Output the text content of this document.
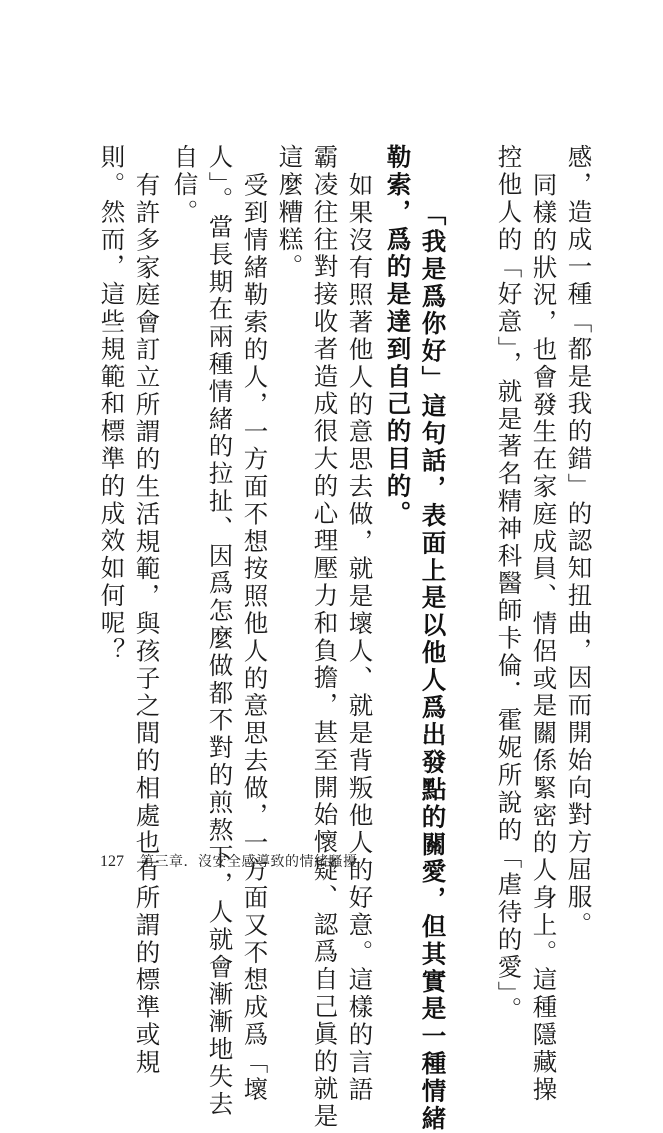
感，造成一種「都是我的錯」的認知扭曲，因而開始向對方屈服。
同樣的狀況，也會發生在家庭成員、情侶或是關係緊密的人身上。這種隱藏操
控他人的「好意」，就是著名精神科醫師卡倫．霍妮所說的「虐待的愛」。
「我是爲你好」這句話，表面上是以他人爲出發點的關愛，但其實是一種情緒
勒索，爲的是達到自己的目的。
如果沒有照著他人的意思去做，就是壞人、就是背叛他人的好意。這樣的言語
霸凌往往對接收者造成很大的心理壓力和負擔，甚至開始懷疑、認爲自己眞的就是
這麼糟糕。
受到情緒勒索的人，一方面不想按照他人的意思去做，一方面又不想成爲「壞
人」。當長期在兩種情緒的拉扯、因爲怎麼做都不對的煎熬下，人就會漸漸地失去
自信。
有許多家庭會訂立所謂的生活規範，與孩子之間的相處也有所謂的標準或規
則。然而，這些規範和標準的成效如何呢？
127 第三章．沒安全感導致的情緒騷擾
